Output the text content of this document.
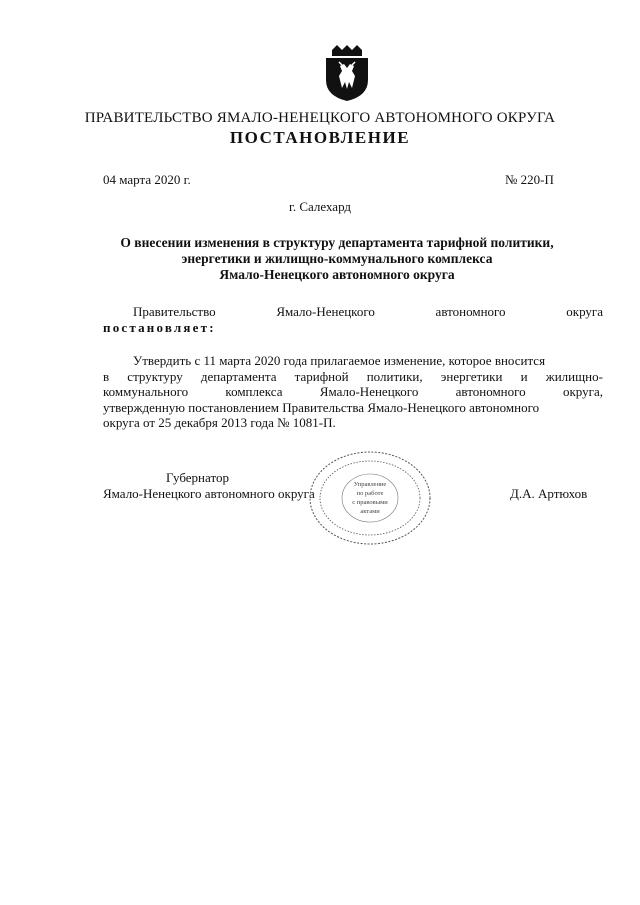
ПРАВИТЕЛЬСТВО ЯМАЛО-НЕНЕЦКОГО АВТОНОМНОГО ОКРУГА
ПОСТАНОВЛЕНИЕ
04 марта 2020 г.	№ 220-П
г. Салехард
О внесении изменения в структуру департамента тарифной политики,
энергетики и жилищно-коммунального комплекса
Ямало-Ненецкого автономного округа
Правительство	Ямало-Ненецкого	автономного	округа
постановляет:
Утвердить с 11 марта 2020 года прилагаемое изменение, которое вносится
в структуру департамента тарифной политики, энергетики и жилищно-
коммунального	комплекса	Ямало-Ненецкого	автономного	округа,
утвержденную постановлением Правительства Ямало-Ненецкого автономного
округа от 25 декабря 2013 года № 1081-П.
Губернатор
Ямало-Ненецкого автономного округа	Д.А. Артюхов
Управление
по работе
с правовыми
актами
